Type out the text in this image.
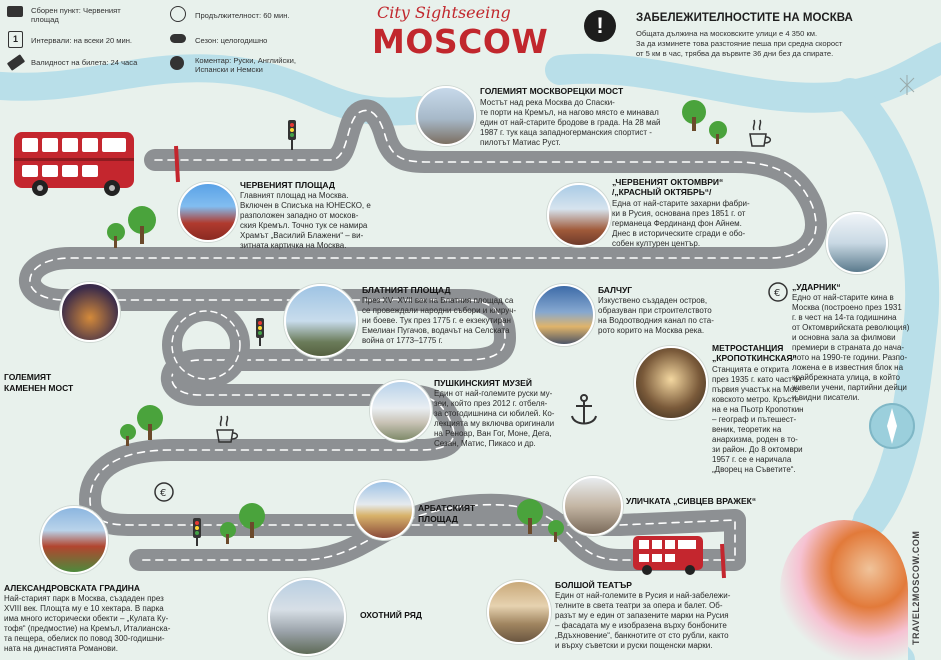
€
€
Сборен пункт: Червеният
площад
1	Интервали: на всеки 20 мин.
Валидност на билета: 24 часа
Продължителност: 60 мин.
Сезон: целогодишно
Коментар: Руски, Английски,
Испански и Немски
City Sightseeing
MOSCOW	!	ЗАБЕЛЕЖИТЕЛНОСТИТЕ НА МОСКВА
Общата дължина на московските улици е 4 350 км.
За да изминете това разстояние пеша при средна скорост
от 5 км в час, трябва да вървите 36 дни без да спирате.
ГОЛЕМИЯТ МОСКВОРЕЦКИ МОСТ
Мостът над река Москва до Спаски-
те порти на Кремъл, на нагово място е минавал
един от най-старите бродове в града. На 28 май
1987 г. тук каца западногерманския спортист -
пилотът Матиас Руст.
ЧЕРВЕНИЯТ ПЛОЩАД
Главният площад на Москва.
Включен в Списъка на ЮНЕСКО, е
разположен западно от москов-
ския Кремъл. Точно тук се намира
Храмът „Василий Блажени“ – ви-
зитната картичка на Москва.
„ЧЕРВЕНИЯТ ОКТОМВРИ“
/„КРАСНЫЙ ОКТЯБРЬ“/
Една от най-старите захарни фабри-
ки в Русия, основана през 1851 г. от
германеца Фердинанд фон Айнем.
Днес в историческите сгради е обо-
собен културен център.
„УДАРНИК“
Едно от най-старите кина в
Москва (построено през 1931
г. в чест на 14-та годишнина
от Октомврийската революция)
и основна зала за филмови
премиери в страната до нача-
лото на 1990-те години. Разпо-
ложена е в известния блок на
крайбрежната улица, в който
живели учени, партийни дейци
и видни писатели.
БЛАТНИЯТ ПЛОЩАД
През XV–XVII век на Блатния площад са
се провеждали народни събори и юмруч-
ни боеве. Тук през 1775 г. е екзекутиран
Емелиан Пугачов, водачът на Селската
война от 1773–1775 г.
БАЛЧУГ
Изкуствено създаден остров,
образуван при строителството
на Водоотводния канал по ста-
рото корито на Москва река.
ГОЛЕМИЯТ
КАМЕНЕН МОСТ
МЕТРОСТАНЦИЯ
„КРОПОТКИНСКАЯ“
Станцията е открита
през 1935 г. като част от
първия участък на Мос-
ковското метро. Кръсте-
на е на Пьотр Кропоткин
– географ и пътешест-
веник, теоретик на
анархизма, роден в то-
зи район. До 8 октомври
1957 г. се е наричала
„Дворец на Съветите“.
ПУШКИНСКИЯТ МУЗЕЙ
Един от най-големите руски му-
зеи, който през 2012 г. отбеля-
за стогодишнина си юбилей. Ко-
лекцията му включва оригинали
на Реноар, Ван Гог, Моне, Дега,
Сезан, Матис, Пикасо и др.
АРБАТСКИЯТ
ПЛОЩАД
УЛИЧКАТА „СИВЦЕВ ВРАЖЕК“
АЛЕКСАНДРОВСКАТА ГРАДИНА
Най-старият парк в Москва, създаден през
XVIII век. Площта му е 10 хектара. В парка
има много исторически обекти – „Кулата Ку-
тофя“ (предмостие) на Кремъл, Италианска-
та пещера, обелиск по повод 300-годишни-
ната на династията Романови.
ОХОТНИЙ РЯД
БОЛШОЙ ТЕАТЪР
Един от най-големите в Русия и най-забележи-
телните в света театри за опера и балет. Об-
разът му е един от запазените марки на Русия
– фасадата му е изобразена върху бонбоните
„Вдъхновение“, банкнотите от сто рубли, както
и върху съветски и руски пощенски марки.
TRAVEL2MOSCOW.COM
